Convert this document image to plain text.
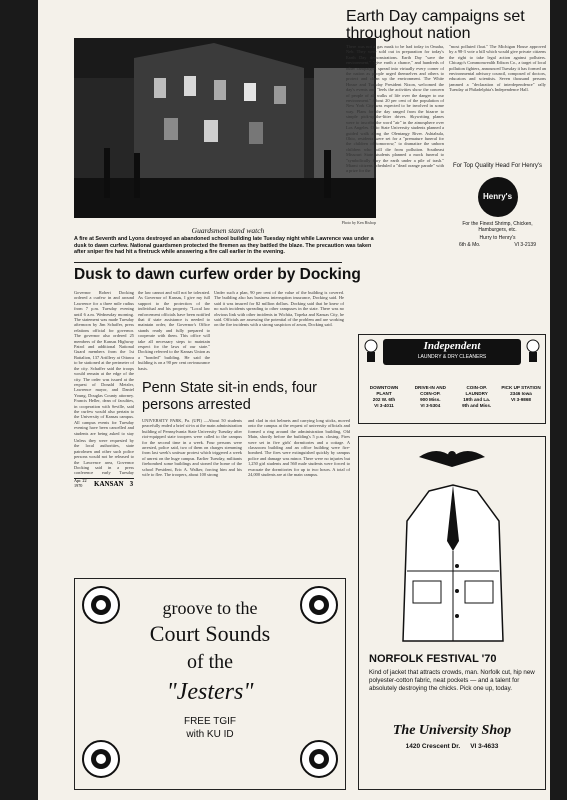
Photo by Ken Bishop
Guardsmen stand watch
A fire at Seventh and Lyons destroyed an abandoned school building late Tuesday night while Lawrence was under a dusk to dawn curfew. National guardsmen protected the firemen as they battled the blaze. The precaution was taken after sniper fire had hit a firetruck while answering a fire call earlier in the evening.
Earth Day campaigns set throughout nation
There was not a gas mask to be had today in Omaha, Neb. They were sold out in preparation for today's Earth Day demonstrations. Earth Day "save the environment," "give earth a chance," and hundreds of other campaigns, spread into virtually every corner of the nation as people urged themselves and others to protect and clean up the environment. The White House and Tuesday President Nixon, welcomed the day's events and "feels the activities show the concern of people of all walks of life over the danger to our environment." About 20 per cent of the population of New York City was expected to be involved in some way. Plans for the day ranged from the bizarre to simple pick-up-the-litter drives. Skywriting planes were to inscribe the word "air" in the atmosphere over Los Angeles. Ohio State University students planned a guided walk along the Olentangy River. Ashtabula, Ohio, residents were set for a "premature funeral for the children of tomorrow," to dramatize the unborn children who will die from pollution. Southeast Missouri State students planned a mock funeral to "symbolically bury the earth under a pile of trash." Miami citizens scheduled a "dead orange parade" with a prize for the
"most polluted float." The Michigan House approved by a 98-3 vote a bill which would give private citizens the right to take legal action against polluters. Chicago's Commonwealth Edison Co., a target of local pollution fighters, announced Tuesday it has formed an environmental advisory council, composed of doctors, educators and scientists. Seven thousand persons jammed a "declaration of interdependence" rally Tuesday at Philadelphia's Independence Hall.
For Top Quality Head For Henry's
Henry's
For the Finest Shrimp, Chicken, Hamburgers, etc.
Hurry to Henry's
6th & Mo.	VI 3-2139
Independent
LAUNDRY & DRY CLEANERS
DOWNTOWN PLANT
202 W. 6th
VI 3-4011
DRIVE-IN AND COIN-OP.
900 Miss.
VI 3-5304
COIN-OP. LAUNDRY
19th and La.
9th and Miss.
PICK UP STATION
2346 Iowa
VI 3-9868
Dusk to dawn curfew order by Docking
Governor Robert Docking ordered a curfew in and around Lawrence for a three mile radius from 7 p.m. Tuesday evening until 6 a.m. Wednesday morning. The statement was made Tuesday afternoon by Jim Schaffer, press relations official for governor. The governor also ordered 25 members of the Kansas Highway Patrol and additional National Guard members from the 1st Battalion, 137 Artillery at Ottawa to be stationed at the perimeter of the city. Schaffer said the troops would remain at the edge of the city. The order was issued at the request of Donald Metzler, Lawrence mayor, and Daniel Young, Douglas County attorney. Francis Heller, dean of faculties, in cooperation with Seville, said the curfew would also pertain to the University of Kansas campus. All campus events for Tuesday evening have been cancelled and students are being asked to stay
Unless they were requested by the local authorities, state patrolmen and other such police persons would not be released to the Lawrence area, Governor Docking said in a press conference early Tuesday
the law cannot and will not be tolerated. As Governor of Kansas, I give my full support to the protection of the individual and his property. "Local law enforcement officials have been notified that if state assistance is needed to maintain order, the Governor's Office stands ready and fully prepared to cooperate with them. This office will take all necessary steps to maintain respect for the laws of our state." Docking referred to the Kansas Union as a "bonded" building. He said the building is on a 90 per cent on-insurance basis.
Under such a plan, 90 per cent of the value of the building is covered. The building also has business interruption insurance, Docking said. He said it was insured for $2 million dollars. Docking said that he knew of no such incidents spreading to other campuses in the state. There was no obvious link with other incidents in Wichita, Topeka and Kansas City, he said. Officials are assessing the potential of the problem and are working on the fire incidents with a strong suspicion of arson, Docking said.
Apr. 22
1970	KANSAN 3
Penn State sit-in ends, four persons arrested
UNIVERSITY PARK, Pa. (UPI) —About 50 students peacefully ended a brief sit-in at the main administration building of Pennsylvania State University Tuesday after riot-equipped state troopers were called to the campus for the second time in a week. Four persons were arrested, police said, two of them on charges stemming from last week's unitwar protest which triggered a week of unrest on the huge campus. Earlier Tuesday, militants firebombed some buildings and stoned the home of the school President, Eric A. Walker, forcing him and his wife to flee. The troopers, about 100 strong
and clad in riot helmets and carrying long sticks, moved onto the campus at the request of university officials and formed a ring around the administration building, Old Main, shortly before the building's 5 p.m. closing. Fires were set in five girls' dormitories and a cottage. A classroom building and an office building were fire-bombed. The fires were extinguished quickly by campus police and damage was minor. There were no injuries but 1,250 girl students and 560 male students were forced to evacuate the dormitories for up to two hours. A total of 24,000 students are at the main campus.
groove to the
Court Sounds
of the
"Jesters"
FREE TGIF
with KU ID
NORFOLK FESTIVAL '70
Kind of jacket that attracts crowds, man. Norfolk cut, hip new polyester-cotton fabric, neat pockets — and a talent for absolutely destroying the chicks. Pick one up, today.
The University Shop
1420 Crescent Dr. VI 3-4633
